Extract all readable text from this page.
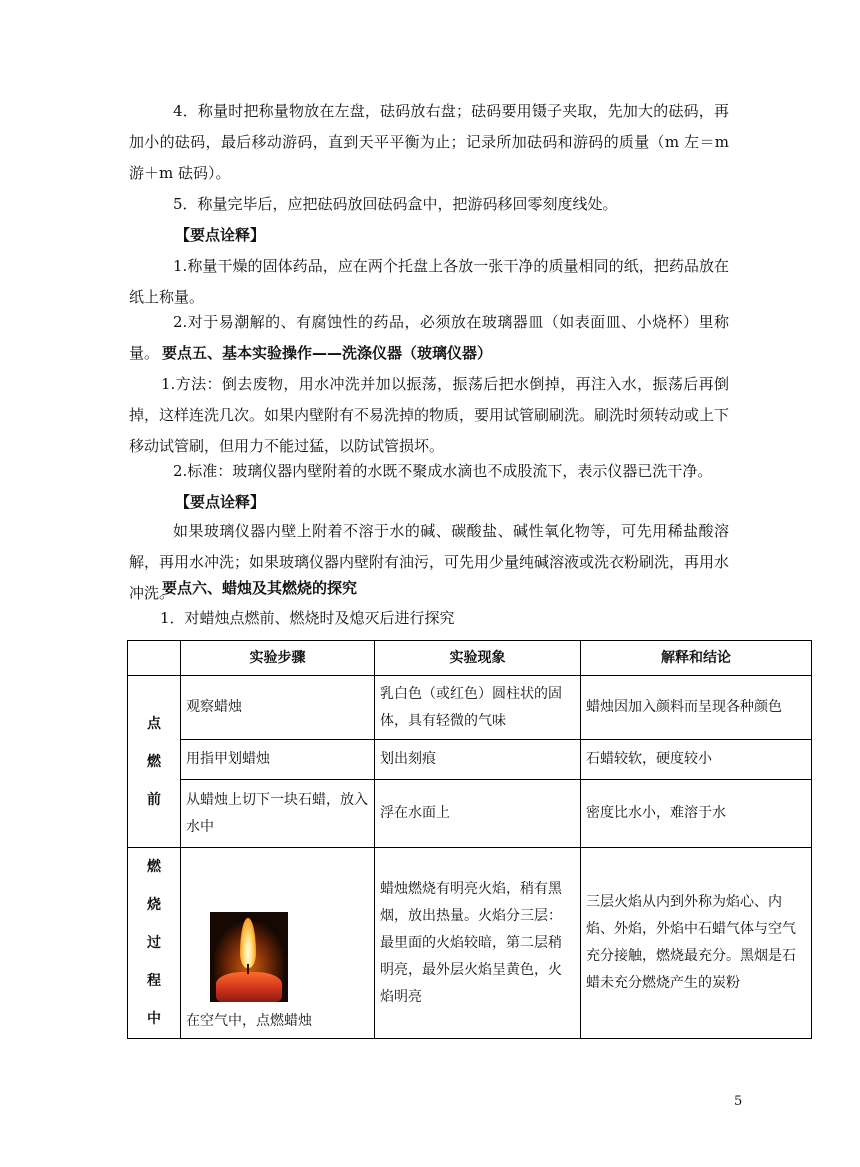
4．称量时把称量物放在左盘，砝码放右盘；砝码要用镊子夹取，先加大的砝码，再加小的砝码，最后移动游码，直到天平平衡为止；记录所加砝码和游码的质量（m 左＝m 游＋m 砝码）。

5．称量完毕后，应把砝码放回砝码盒中，把游码移回零刻度线处。

【要点诠释】

1.称量干燥的固体药品，应在两个托盘上各放一张干净的质量相同的纸，把药品放在纸上称量。

2.对于易潮解的、有腐蚀性的药品，必须放在玻璃器皿（如表面皿、小烧杯）里称量。 要点五、基本实验操作——洗涤仪器（玻璃仪器）

1.方法：倒去废物，用水冲洗并加以振荡，振荡后把水倒掉，再注入水，振荡后再倒掉，这样连洗几次。如果内壁附有不易洗掉的物质，要用试管刷刷洗。刷洗时须转动或上下移动试管刷，但用力不能过猛，以防试管损坏。

2.标准：玻璃仪器内壁附着的水既不聚成水滴也不成股流下，表示仪器已洗干净。

【要点诠释】

如果玻璃仪器内壁上附着不溶于水的碱、碳酸盐、碱性氧化物等，可先用稀盐酸溶解，再用水冲洗；如果玻璃仪器内壁附有油污，可先用少量纯碱溶液或洗衣粉刷洗，再用水冲洗。

要点六、蜡烛及其燃烧的探究

1．对蜡烛点燃前、燃烧时及熄灭后进行探究

	实验步骤	实验现象	解释和结论

点
燃
前	观察蜡烛	乳白色（或红色）圆柱状的固体，具有轻微的气味	蜡烛因加入颜料而呈现各种颜色
	用指甲划蜡烛	划出刻痕	石蜡较软，硬度较小
	从蜡烛上切下一块石蜡，放入水中	浮在水面上	密度比水小，难溶于水

燃
烧
过
程
中	在空气中，点燃蜡烛	蜡烛燃烧有明亮火焰，稍有黑烟，放出热量。火焰分三层：最里面的火焰较暗，第二层稍明亮，最外层火焰呈黄色，火焰明亮	三层火焰从内到外称为焰心、内焰、外焰，外焰中石蜡气体与空气充分接触，燃烧最充分。黑烟是石蜡未充分燃烧产生的炭粉
5
